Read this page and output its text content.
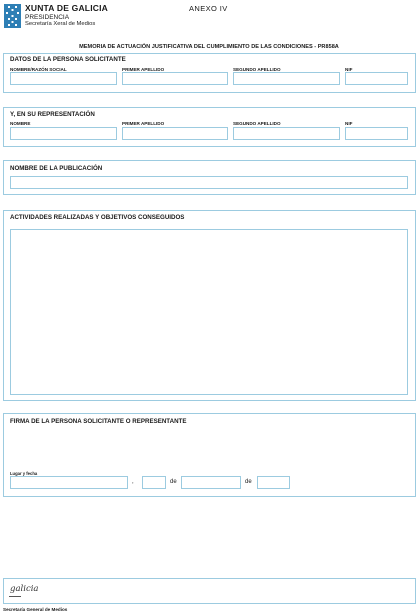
XUNTA DE GALICIA
PRESIDENCIA
Secretaría Xeral de Medios
ANEXO IV
MEMORIA DE ACTUACIÓN JUSTIFICATIVA DEL CUMPLIMIENTO DE LAS CONDICIONES - PR858A
DATOS DE LA PERSONA SOLICITANTE
NOMBRE/RAZÓN SOCIAL	PRIMER APELLIDO	SEGUNDO APELLIDO	NIF
Y, EN SU REPRESENTACIÓN
NOMBRE	PRIMER APELLIDO	SEGUNDO APELLIDO	NIF
NOMBRE DE LA PUBLICACIÓN
ACTIVIDADES REALIZADAS Y OBJETIVOS CONSEGUIDOS
FIRMA DE LA PERSONA SOLICITANTE O REPRESENTANTE
Lugar y fecha
,	de	de
galicia
Secretaría General de Medios
